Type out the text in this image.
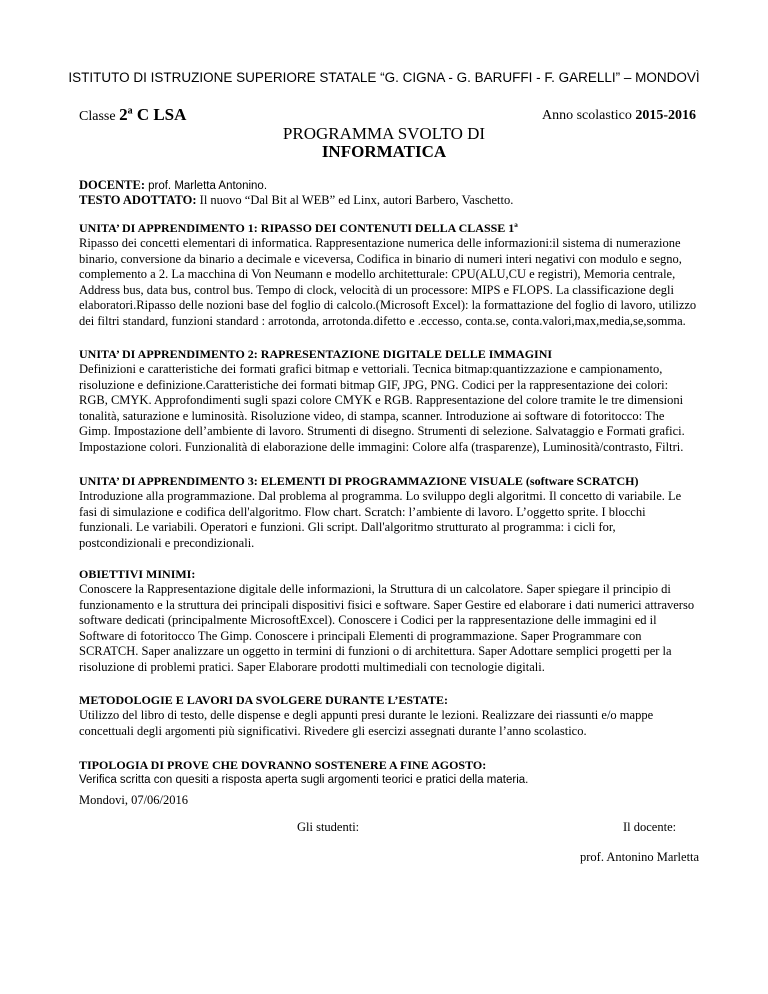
ISTITUTO DI ISTRUZIONE SUPERIORE STATALE “G. CIGNA - G. BARUFFI - F. GARELLI” – MONDOVÌ
Classe 2$^a$ C LSA	Anno scolastico 2015-2016
PROGRAMMA SVOLTO DI
INFORMATICA
DOCENTE: prof. Marletta Antonino.
TESTO ADOTTATO: Il nuovo “Dal Bit al WEB” ed Linx, autori Barbero, Vaschetto.
UNITA’ DI APPRENDIMENTO 1: RIPASSO DEI CONTENUTI DELLA CLASSE 1ª

Ripasso dei concetti elementari di informatica. Rappresentazione numerica delle informazioni:il sistema di numerazione binario, conversione da binario a decimale e viceversa, Codifica in binario di numeri interi negativi con modulo e segno, complemento a 2. La macchina di Von Neumann e modello architetturale: CPU(ALU,CU e registri), Memoria centrale, Address bus, data bus, control bus. Tempo di clock, velocità di un processore: MIPS e FLOPS. La classificazione degli elaboratori.Ripasso delle nozioni base del foglio di calcolo.(Microsoft Excel): la formattazione del foglio di lavoro, utilizzo dei filtri standard, funzioni standard : arrotonda, arrotonda.difetto e .eccesso, conta.se, conta.valori,max,media,se,somma.

UNITA’ DI APPRENDIMENTO 2: RAPRESENTAZIONE DIGITALE DELLE IMMAGINI

Definizioni e caratteristiche dei formati grafici bitmap e vettoriali. Tecnica bitmap:quantizzazione e campionamento, risoluzione e definizione.Caratteristiche dei formati bitmap GIF, JPG, PNG. Codici per la rappresentazione dei colori: RGB, CMYK. Approfondimenti sugli spazi colore CMYK e RGB. Rappresentazione del colore tramite le tre dimensioni tonalità, saturazione e luminosità. Risoluzione video, di stampa, scanner. Introduzione ai software di fotoritocco: The Gimp. Impostazione dell’ambiente di lavoro. Strumenti di disegno. Strumenti di selezione. Salvataggio e Formati grafici. Impostazione colori. Funzionalità di elaborazione delle immagini: Colore alfa (trasparenze), Luminosità/contrasto, Filtri.

UNITA’ DI APPRENDIMENTO 3: ELEMENTI DI PROGRAMMAZIONE VISUALE (software SCRATCH)

Introduzione alla programmazione. Dal problema al programma. Lo sviluppo degli algoritmi. Il concetto di variabile. Le fasi di simulazione e codifica dell'algoritmo. Flow chart. Scratch: l’ambiente di lavoro. L’oggetto sprite. I blocchi funzionali. Le variabili. Operatori e funzioni. Gli script. Dall'algoritmo strutturato al programma: i cicli for, postcondizionali e precondizionali.

OBIETTIVI MINIMI:

Conoscere la Rappresentazione digitale delle informazioni, la Struttura di un calcolatore. Saper spiegare il principio di funzionamento e la struttura dei principali dispositivi fisici e software. Saper Gestire ed elaborare i dati numerici attraverso software dedicati (principalmente MicrosoftExcel). Conoscere i Codici per la rappresentazione delle immagini ed il Software di fotoritocco The Gimp. Conoscere i principali Elementi di programmazione. Saper Programmare con SCRATCH. Saper analizzare un oggetto in termini di funzioni o di architettura. Saper Adottare semplici progetti per la risoluzione di problemi pratici. Saper Elaborare prodotti multimediali con tecnologie digitali.

METODOLOGIE E LAVORI DA SVOLGERE DURANTE L’ESTATE:

Utilizzo del libro di testo, delle dispense e degli appunti presi durante le lezioni. Realizzare dei riassunti e/o mappe concettuali degli argomenti più significativi. Rivedere gli esercizi assegnati durante l’anno scolastico.

TIPOLOGIA DI PROVE CHE DOVRANNO SOSTENERE A FINE AGOSTO:

Verifica scritta con quesiti a risposta aperta sugli argomenti teorici e pratici della materia.

Mondovi, 07/06/2016
Gli studenti:	Il docente:
prof. Antonino Marletta
